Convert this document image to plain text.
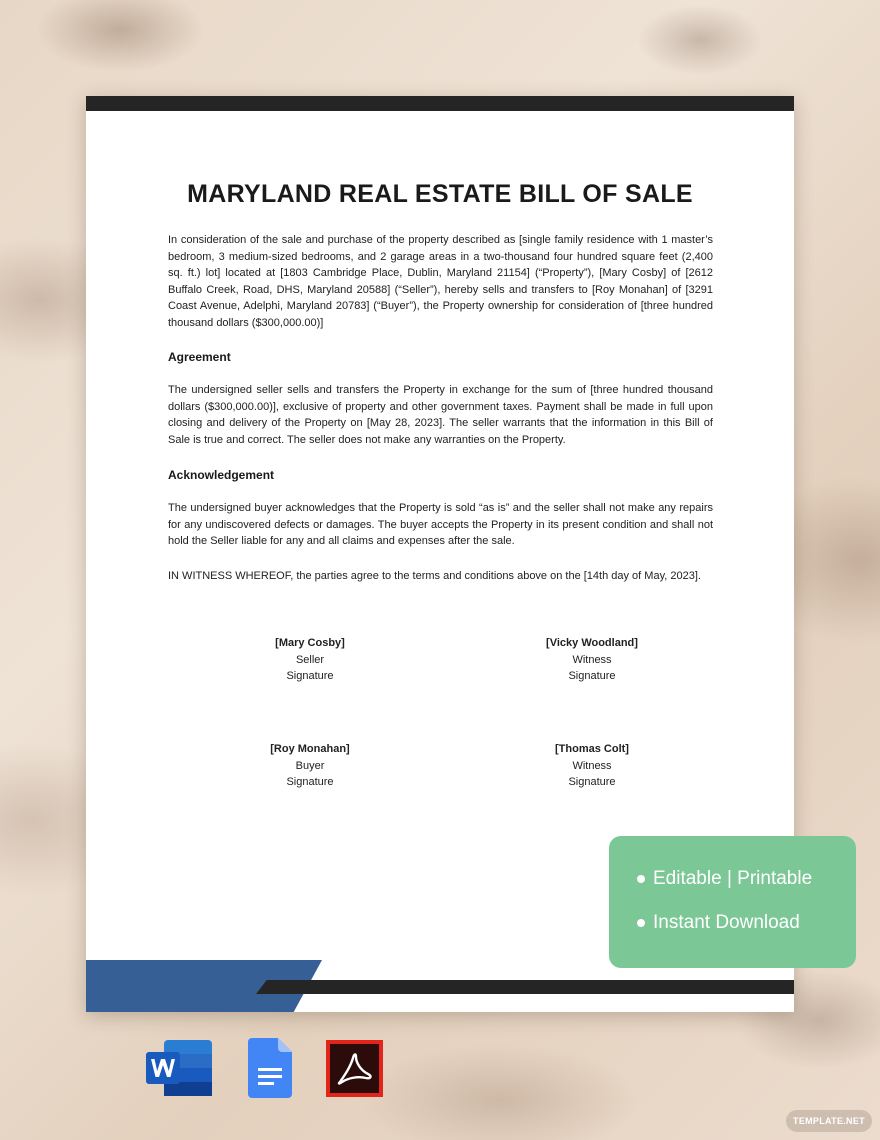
MARYLAND REAL ESTATE BILL OF SALE

In consideration of the sale and purchase of the property described as [single family residence with 1 master’s bedroom, 3 medium-sized bedrooms, and 2 garage areas in a two-thousand four hundred square feet (2,400 sq. ft.) lot] located at [1803 Cambridge Place, Dublin, Maryland 21154] (“Property”), [Mary Cosby] of [2612 Buffalo Creek, Road, DHS, Maryland 20588] (“Seller”), hereby sells and transfers to [Roy Monahan] of [3291 Coast Avenue, Adelphi, Maryland 20783] (“Buyer”), the Property ownership for consideration of [three hundred thousand dollars ($300,000.00)]

Agreement

The undersigned seller sells and transfers the Property in exchange for the sum of [three hundred thousand dollars ($300,000.00)], exclusive of property and other government taxes. Payment shall be made in full upon closing and delivery of the Property on [May 28, 2023]. The seller warrants that the information in this Bill of Sale is true and correct. The seller does not make any warranties on the Property.

Acknowledgement

The undersigned buyer acknowledges that the Property is sold “as is” and the seller shall not make any repairs for any undiscovered defects or damages. The buyer accepts the Property in its present condition and shall not hold the Seller liable for any and all claims and expenses after the sale.

IN WITNESS WHEREOF, the parties agree to the terms and conditions above on the [14th day of May, 2023].

[Mary Cosby]
Seller
Signature
[Vicky Woodland]
Witness
Signature
[Roy Monahan]
Buyer
Signature
[Thomas Colt]
Witness
Signature
Editable | Printable
Instant Download
TEMPLATE.NET
